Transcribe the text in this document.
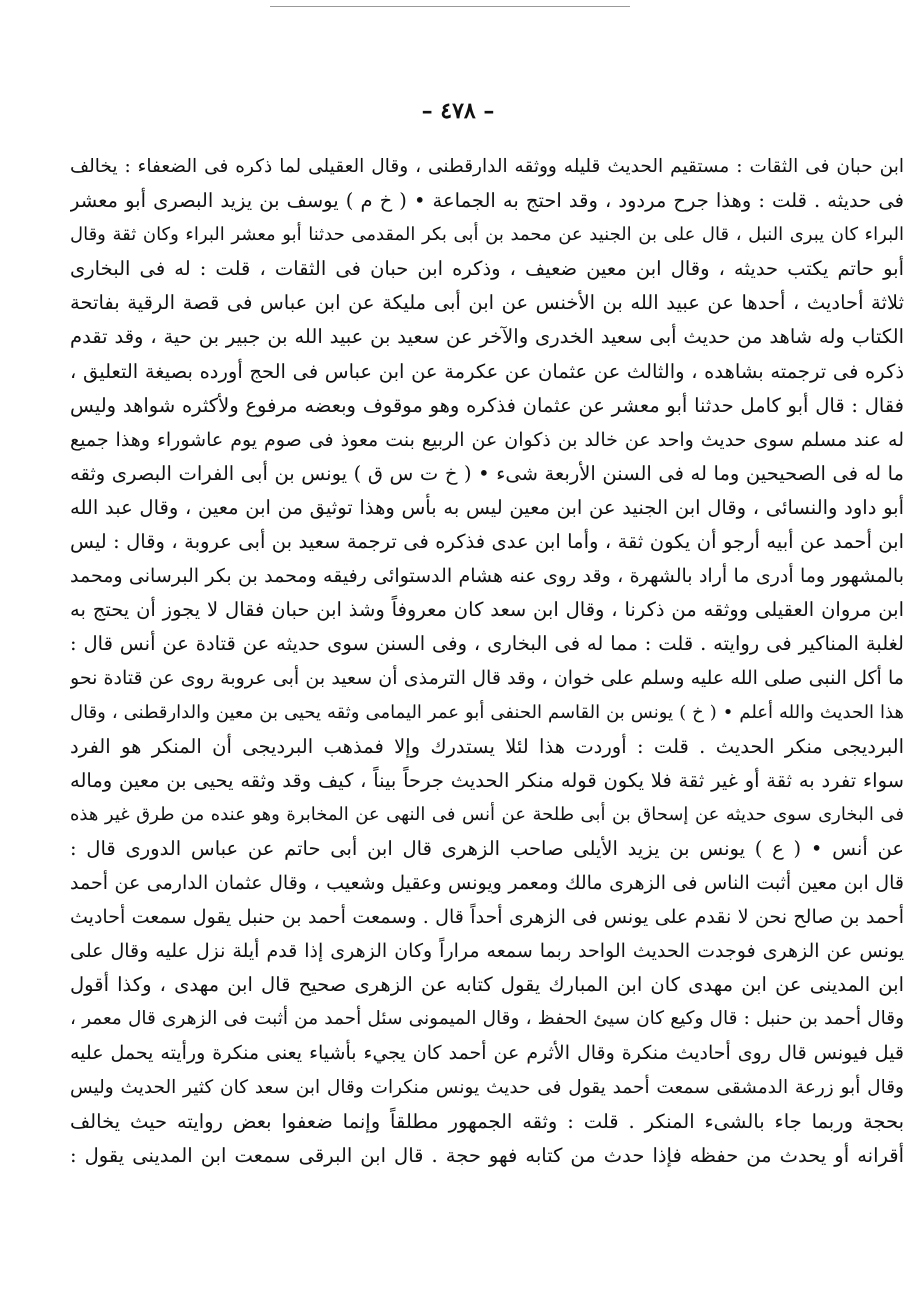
– ٤٧٨ –
ابن حبان فى الثقات : مستقيم الحديث قليله ووثقه الدارقطنى ، وقال العقيلى لما ذكره فى الضعفاء : يخالف
فى حديثه . قلت : وهذا جرح مردود ، وقد احتج به الجماعة • ( خ م ) يوسف بن يزيد البصرى أبو معشر
البراء كان يبرى النبل ، قال على بن الجنيد عن محمد بن أبى بكر المقدمى حدثنا أبو معشر البراء وكان ثقة وقال
أبو حاتم يكتب حديثه ، وقال ابن معين ضعيف ، وذكره ابن حبان فى الثقات ، قلت : له فى البخارى
ثلاثة أحاديث ، أحدها عن عبيد الله بن الأخنس عن ابن أبى مليكة عن ابن عباس فى قصة الرقية بفاتحة
الكتاب وله شاهد من حديث أبى سعيد الخدرى والآخر عن سعيد بن عبيد الله بن جبير بن حية ، وقد تقدم
ذكره فى ترجمته بشاهده ، والثالث عن عثمان عن عكرمة عن ابن عباس فى الحج أورده بصيغة التعليق ،
فقال : قال أبو كامل حدثنا أبو معشر عن عثمان فذكره وهو موقوف وبعضه مرفوع ولأكثره شواهد وليس
له عند مسلم سوى حديث واحد عن خالد بن ذكوان عن الربيع بنت معوذ فى صوم يوم عاشوراء وهذا جميع
ما له فى الصحيحين وما له فى السنن الأربعة شىء • ( خ ت س ق ) يونس بن أبى الفرات البصرى وثقه
أبو داود والنسائى ، وقال ابن الجنيد عن ابن معين ليس به بأس وهذا توثيق من ابن معين ، وقال عبد الله
ابن أحمد عن أبيه أرجو أن يكون ثقة ، وأما ابن عدى فذكره فى ترجمة سعيد بن أبى عروبة ، وقال : ليس
بالمشهور وما أدرى ما أراد بالشهرة ، وقد روى عنه هشام الدستوائى رفيقه ومحمد بن بكر البرسانى ومحمد
ابن مروان العقيلى ووثقه من ذكرنا ، وقال ابن سعد كان معروفاً وشذ ابن حبان فقال لا يجوز أن يحتج به
لغلبة المناكير فى روايته . قلت : مما له فى البخارى ، وفى السنن سوى حديثه عن قتادة عن أنس قال :
ما أكل النبى صلى الله عليه وسلم على خوان ، وقد قال الترمذى أن سعيد بن أبى عروبة روى عن قتادة نحو
هذا الحديث والله أعلم • ( خ ) يونس بن القاسم الحنفى أبو عمر اليمامى وثقه يحيى بن معين والدارقطنى ، وقال
البرديجى منكر الحديث . قلت : أوردت هذا لئلا يستدرك وإلا فمذهب البرديجى أن المنكر هو الفرد
سواء تفرد به ثقة أو غير ثقة فلا يكون قوله منكر الحديث جرحاً بيناً ، كيف وقد وثقه يحيى بن معين وماله
فى البخارى سوى حديثه عن إسحاق بن أبى طلحة عن أنس فى النهى عن المخابرة وهو عنده من طرق غير هذه
عن أنس • ( ع ) يونس بن يزيد الأيلى صاحب الزهرى قال ابن أبى حاتم عن عباس الدورى قال :
قال ابن معين أثبت الناس فى الزهرى مالك ومعمر ويونس وعقيل وشعيب ، وقال عثمان الدارمى عن أحمد
أحمد بن صالح نحن لا نقدم على يونس فى الزهرى أحداً قال . وسمعت أحمد بن حنبل يقول سمعت أحاديث
يونس عن الزهرى فوجدت الحديث الواحد ربما سمعه مراراً وكان الزهرى إذا قدم أيلة نزل عليه وقال على
ابن المدينى عن ابن مهدى كان ابن المبارك يقول كتابه عن الزهرى صحيح قال ابن مهدى ، وكذا أقول
وقال أحمد بن حنبل : قال وكيع كان سيئ الحفظ ، وقال الميمونى سئل أحمد من أثبت فى الزهرى قال معمر ،
قيل فيونس قال روى أحاديث منكرة وقال الأثرم عن أحمد كان يجيء بأشياء يعنى منكرة ورأيته يحمل عليه
وقال أبو زرعة الدمشقى سمعت أحمد يقول فى حديث يونس منكرات وقال ابن سعد كان كثير الحديث وليس
بحجة وربما جاء بالشىء المنكر . قلت : وثقه الجمهور مطلقاً وإنما ضعفوا بعض روايته حيث يخالف
أقرانه أو يحدث من حفظه فإذا حدث من كتابه فهو حجة . قال ابن البرقى سمعت ابن المدينى يقول :
